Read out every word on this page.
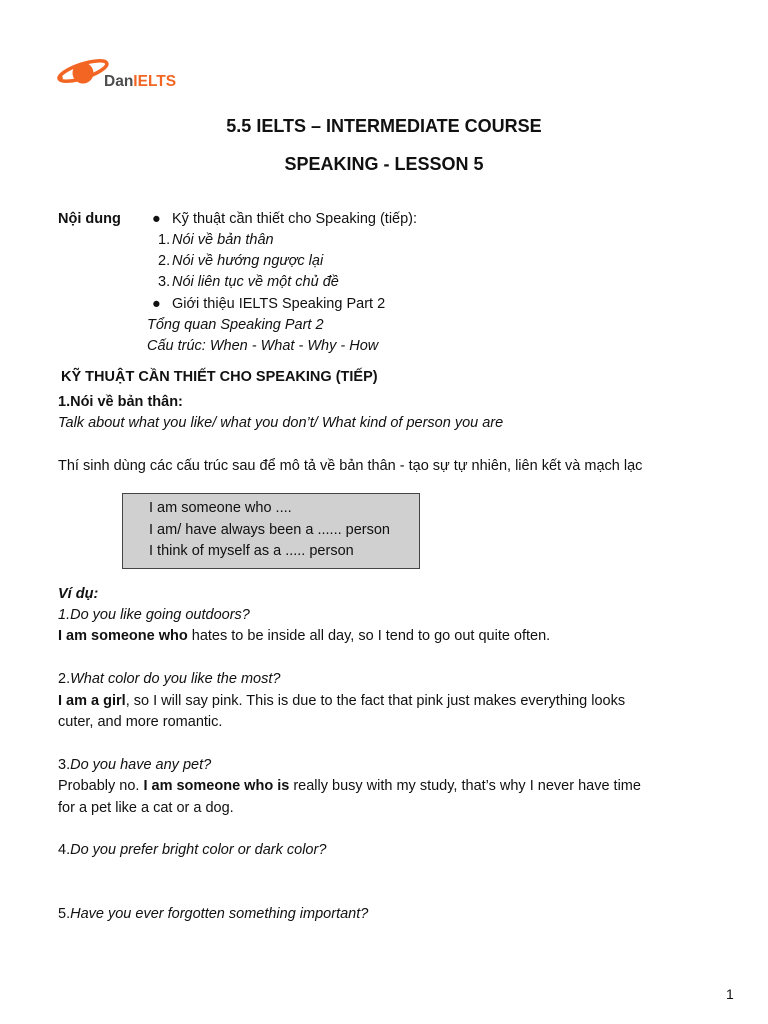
DanIELTS
5.5 IELTS – INTERMEDIATE COURSE
SPEAKING - LESSON 5
Nội dung ● Kỹ thuật cần thiết cho Speaking (tiếp):
1. Nói về bản thân
2. Nói về hướng ngược lại
3. Nói liên tục về một chủ đề
● Giới thiệu IELTS Speaking Part 2
Tổng quan Speaking Part 2
Cấu trúc: When - What - Why - How
KỸ THUẬT CẦN THIẾT CHO SPEAKING (TIẾP)
1.Nói về bản thân:
Talk about what you like/ what you don’t/ What kind of person you are
Thí sinh dùng các cấu trúc sau để mô tả về bản thân - tạo sự tự nhiên, liên kết và mạch lạc
I am someone who ....
I am/ have always been a ...... person
I think of myself as a ..... person
Ví dụ:
1.Do you like going outdoors?
I am someone who hates to be inside all day, so I tend to go out quite often.
2.What color do you like the most?
I am a girl, so I will say pink. This is due to the fact that pink just makes everything looks
cuter, and more romantic.
3.Do you have any pet?
Probably no. I am someone who is really busy with my study, that’s why I never have time
for a pet like a cat or a dog.
4.Do you prefer bright color or dark color?
5.Have you ever forgotten something important?
1
